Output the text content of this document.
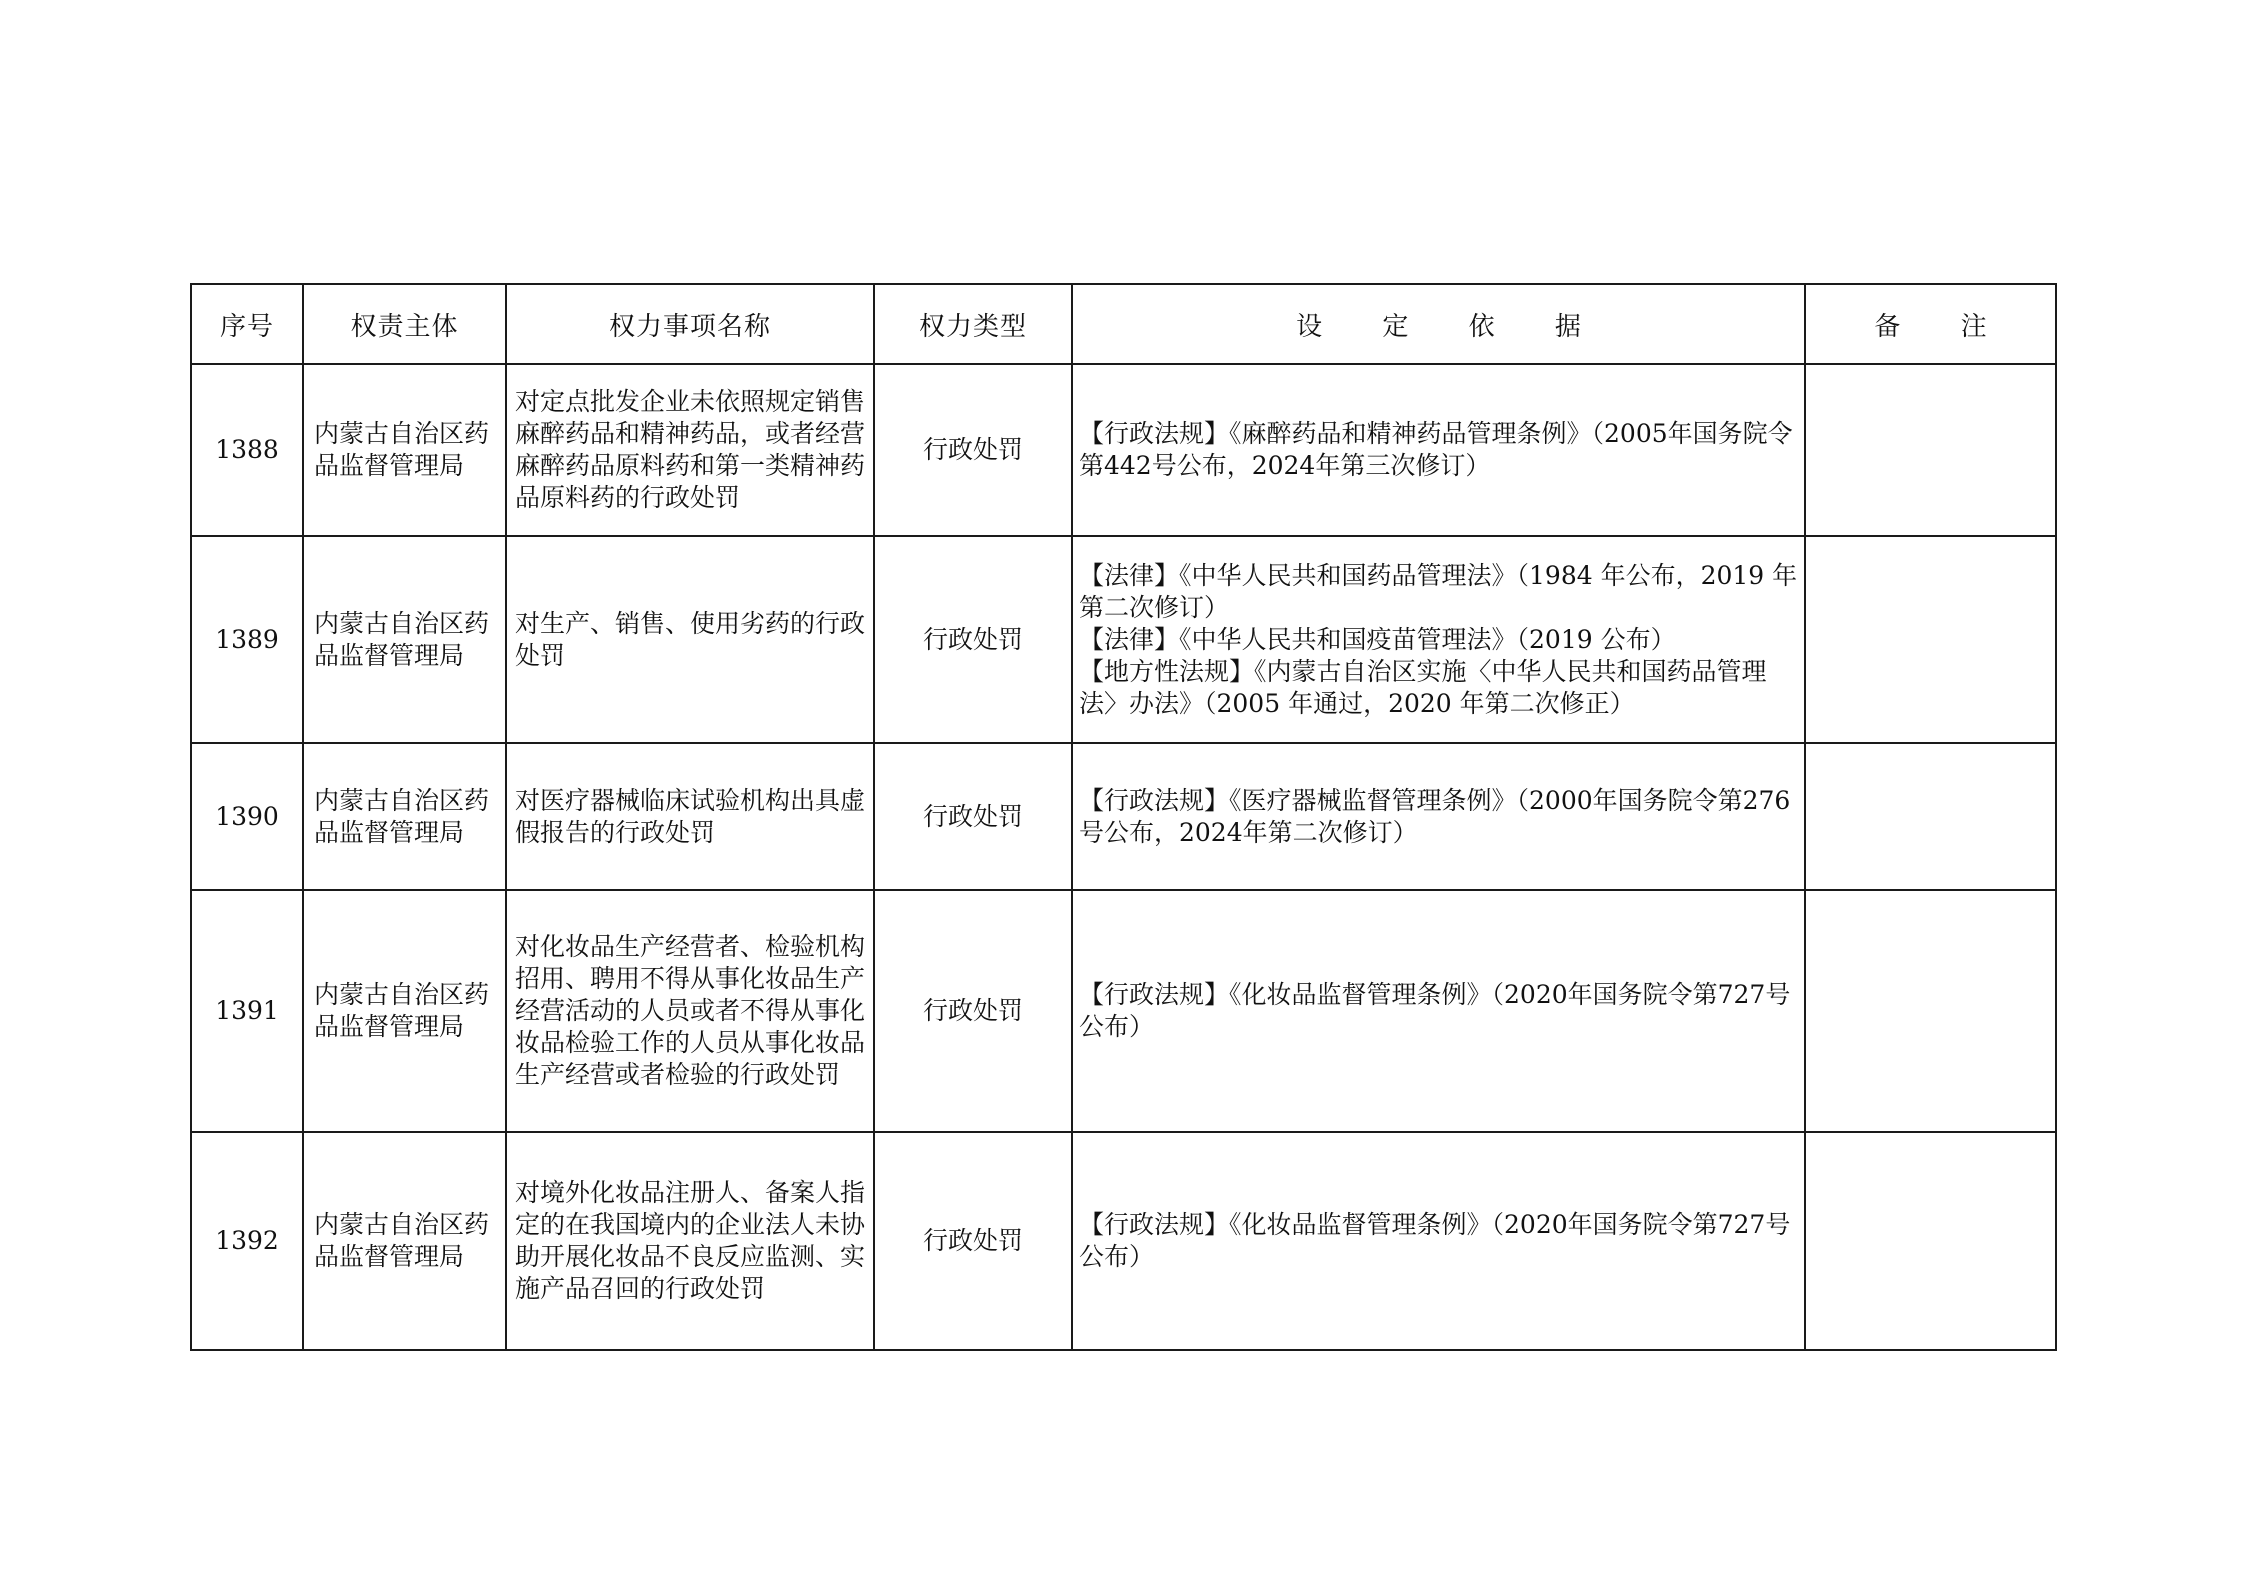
序号	权责主体	权力事项名称	权力类型	设 定 依 据	备 注
1388	内蒙古自治区药品监督管理局	对定点批发企业未依照规定销售麻醉药品和精神药品，或者经营麻醉药品原料药和第一类精神药品原料药的行政处罚	行政处罚	【行政法规】《麻醉药品和精神药品管理条例》（2005年国务院令第442号公布，2024年第三次修订）	

1389	内蒙古自治区药品监督管理局	对生产、销售、使用劣药的行政处罚	行政处罚	【法律】《中华人民共和国药品管理法》（1984 年公布，2019 年第二次修订）
【法律】《中华人民共和国疫苗管理法》（2019 公布）
【地方性法规】《内蒙古自治区实施〈中华人民共和国药品管理法〉办法》（2005 年通过，2020 年第二次修正）	

1390	内蒙古自治区药品监督管理局	对医疗器械临床试验机构出具虚假报告的行政处罚	行政处罚	【行政法规】《医疗器械监督管理条例》（2000年国务院令第276号公布，2024年第二次修订）	

1391	内蒙古自治区药品监督管理局	对化妆品生产经营者、检验机构招用、聘用不得从事化妆品生产经营活动的人员或者不得从事化妆品检验工作的人员从事化妆品生产经营或者检验的行政处罚	行政处罚	【行政法规】《化妆品监督管理条例》（2020年国务院令第727号公布）	

1392	内蒙古自治区药品监督管理局	对境外化妆品注册人、备案人指定的在我国境内的企业法人未协助开展化妆品不良反应监测、实施产品召回的行政处罚	行政处罚	【行政法规】《化妆品监督管理条例》（2020年国务院令第727号公布）	
